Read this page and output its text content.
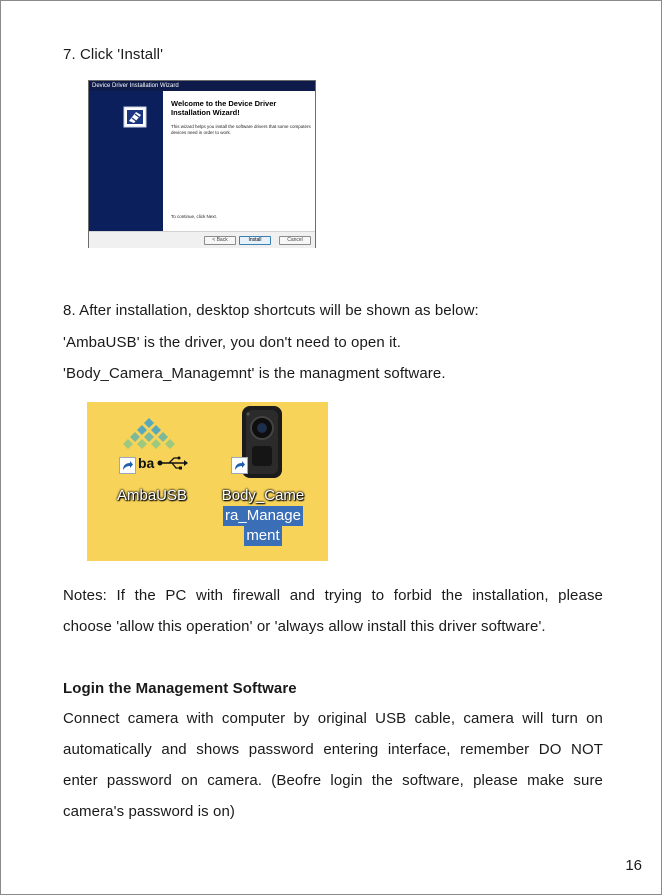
7. Click 'Install'
Device Driver Installation Wizard
Welcome to the Device Driver Installation Wizard!
This wizard helps you install the software drivers that some computers devices need in order to work.
To continue, click Next.
< Back	Install	Cancel
8. After installation, desktop shortcuts will be shown as below:
'AmbaUSB' is the driver, you don't need to open it.
'Body_Camera_Managemnt' is the managment software.
ba
AmbaUSB	Body_Came
ra_Manage
ment
Notes: If the PC with firewall and trying to forbid the installation, please
choose 'allow this operation' or 'always allow install this driver software'.
Login the Management Software
Connect camera with computer by original USB cable, camera will turn on
automatically and shows password entering interface, remember DO NOT
enter password on camera. (Beofre login the software, please make sure
camera's password is on)
16
